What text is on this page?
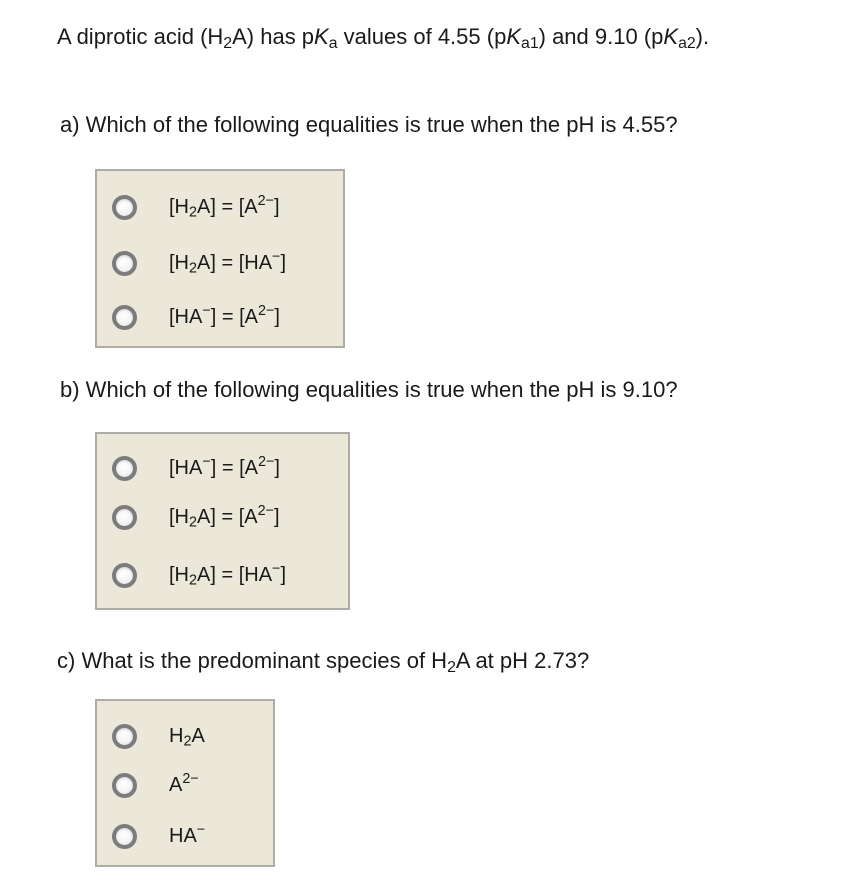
A diprotic acid $(H_2A)$ has $pK_a$ values of 4.55 $(pK_{a1})$ and 9.10 $(pK_{a2})$.
a) Which of the following equalities is true when the pH is 4.55?
$[H_2A] = [A^{2-}]$
$[H_2A] = [HA^-]$
$[HA^-] = [A^{2-}]$
b) Which of the following equalities is true when the pH is 9.10?
$[HA^-] = [A^{2-}]$
$[H_2A] = [A^{2-}]$
$[H_2A] = [HA^-]$
c) What is the predominant species of $H_2A$ at pH 2.73?
$H_2A$
$A^{2-}$
HA−
